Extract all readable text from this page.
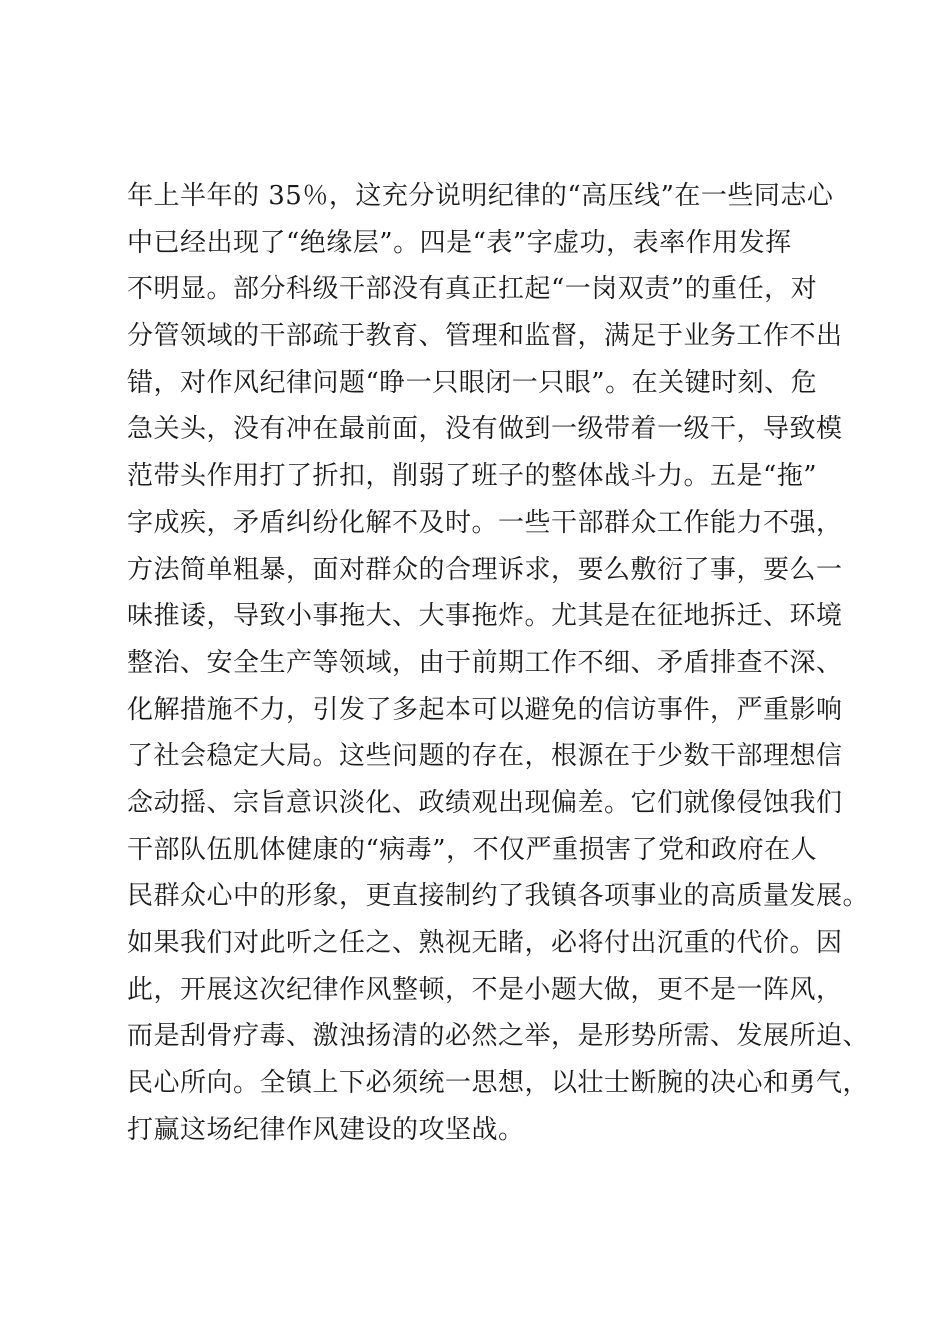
年上半年的 35％，这充分说明纪律的“高压线”在一些同志心
中已经出现了“绝缘层”。四是“表”字虚功，表率作用发挥
不明显。部分科级干部没有真正扛起“一岗双责”的重任，对
分管领域的干部疏于教育、管理和监督，满足于业务工作不出
错，对作风纪律问题“睁一只眼闭一只眼”。在关键时刻、危
急关头，没有冲在最前面，没有做到一级带着一级干，导致模
范带头作用打了折扣，削弱了班子的整体战斗力。五是“拖”
字成疾，矛盾纠纷化解不及时。一些干部群众工作能力不强，
方法简单粗暴，面对群众的合理诉求，要么敷衍了事，要么一
味推诿，导致小事拖大、大事拖炸。尤其是在征地拆迁、环境
整治、安全生产等领域，由于前期工作不细、矛盾排查不深、
化解措施不力，引发了多起本可以避免的信访事件，严重影响
了社会稳定大局。这些问题的存在，根源在于少数干部理想信
念动摇、宗旨意识淡化、政绩观出现偏差。它们就像侵蚀我们
干部队伍肌体健康的“病毒”，不仅严重损害了党和政府在人
民群众心中的形象，更直接制约了我镇各项事业的高质量发展。
如果我们对此听之任之、熟视无睹，必将付出沉重的代价。因
此，开展这次纪律作风整顿，不是小题大做，更不是一阵风，
而是刮骨疗毒、激浊扬清的必然之举，是形势所需、发展所迫、
民心所向。全镇上下必须统一思想，以壮士断腕的决心和勇气，
打赢这场纪律作风建设的攻坚战。
